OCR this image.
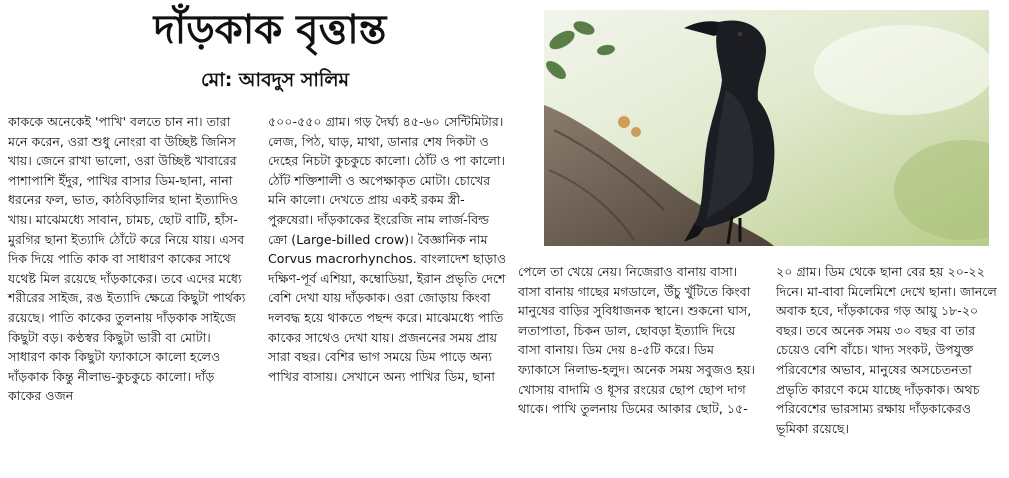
দাঁড়কাক বৃত্তান্ত
মো: আবদুস সালিম

কাককে অনেকেই 'পাখি' বলতে চান না। তারা মনে করেন, ওরা শুধু নোংরা বা উচ্ছিষ্ট জিনিস খায়। জেনে রাখা ভালো, ওরা উচ্ছিষ্ট খাবারের পাশাপাশি ইঁদুর, পাখির বাসার ডিম-ছানা, নানা ধরনের ফল, ভাত, কাঠবিড়ালির ছানা ইত্যাদিও খায়। মাঝেমধ্যে সাবান, চামচ, ছোট বাটি, হাঁস-মুরগির ছানা ইত্যাদি ঠোঁটে করে নিয়ে যায়। এসব দিক দিয়ে পাতি কাক বা সাধারণ কাকের সাথে যথেষ্ট মিল রয়েছে দাঁড়কাকের। তবে এদের মধ্যে শরীরের সাইজ, রঙ ইত্যাদি ক্ষেত্রে কিছুটা পার্থক্য রয়েছে। পাতি কাকের তুলনায় দাঁড়কাক সাইজে কিছুটা বড়। কণ্ঠস্বর কিছুটা ভারী বা মোটা। সাধারণ কাক কিছুটা ফ্যাকাসে কালো হলেও দাঁড়কাক কিন্তু নীলাভ-কুচকুচে কালো। দাঁড় কাকের ওজন

৫০০-৫৫০ গ্রাম। গড় দৈর্ঘ্য ৪৫-৬০ সেন্টিমিটার। লেজ, পিঠ, ঘাড়, মাথা, ডানার শেষ দিকটা ও দেহের নিচটা কুচকুচে কালো। ঠোঁট ও পা কালো। ঠোঁট শক্তিশালী ও অপেক্ষাকৃত মোটা। চোখের মনি কালো। দেখতে প্রায় একই রকম স্ত্রী-পুরুষেরা। দাঁড়কাকের ইংরেজি নাম লার্জ-বিল্ড ক্রো (Large-billed crow)। বৈজ্ঞানিক নাম Corvus macrorhynchos. বাংলাদেশ ছাড়াও দক্ষিণ-পূর্ব এশিয়া, কম্বোডিয়া, ইরান প্রভৃতি দেশে বেশি দেখা যায় দাঁড়কাক। ওরা জোড়ায় কিংবা দলবদ্ধ হয়ে থাকতে পছন্দ করে। মাঝেমধ্যে পাতি কাকের সাথেও দেখা যায়। প্রজননের সময় প্রায় সারা বছর। বেশির ভাগ সময়ে ডিম পাড়ে অন্য পাখির বাসায়। সেখানে অন্য পাখির ডিম, ছানা

পেলে তা খেয়ে নেয়। নিজেরাও বানায় বাসা। বাসা বানায় গাছের মগডালে, উঁচু খুঁটিতে কিংবা মানুষের বাড়ির সুবিধাজনক স্থানে। শুকনো ঘাস, লতাপাতা, চিকন ডাল, ছোবড়া ইত্যাদি দিয়ে বাসা বানায়। ডিম দেয় ৪-৫টি করে। ডিম ফ্যাকাসে নিলাভ-হলুদ। অনেক সময় সবুজও হয়। খোসায় বাদামি ও ধূসর রংয়ের ছোপ ছোপ দাগ থাকে। পাখি তুলনায় ডিমের আকার ছোট, ১৫-

২০ গ্রাম। ডিম থেকে ছানা বের হয় ২০-২২ দিনে। মা-বাবা মিলেমিশে দেখে ছানা। জানলে অবাক হবে, দাঁড়কাকের গড় আয়ু ১৮-২০ বছর। তবে অনেক সময় ৩০ বছর বা তার চেয়েও বেশি বাঁচে। খাদ্য সংকট, উপযুক্ত পরিবেশের অভাব, মানুষের অসচেতনতা প্রভৃতি কারণে কমে যাচ্ছে দাঁড়কাক। অথচ পরিবেশের ভারসাম্য রক্ষায় দাঁড়কাকেরও ভূমিকা রয়েছে।
